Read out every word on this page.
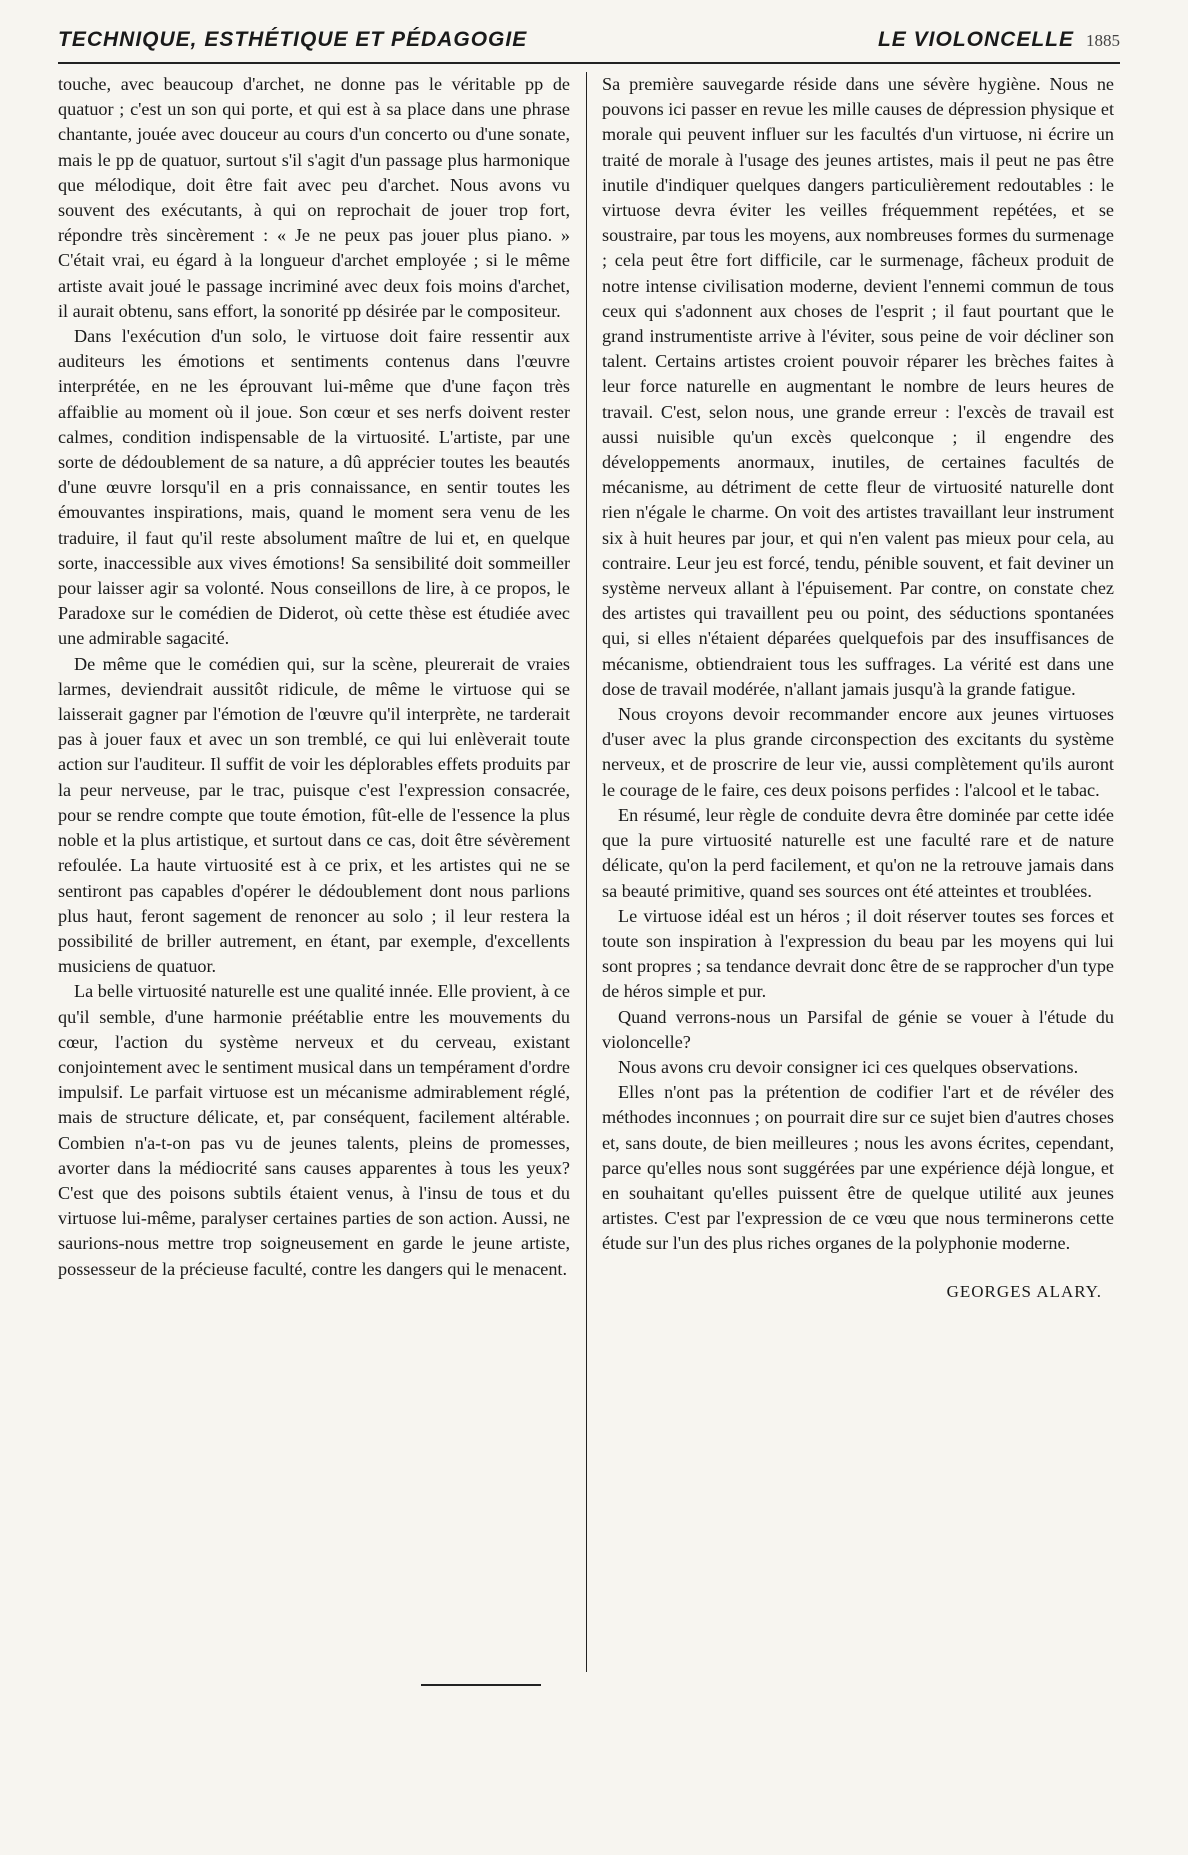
TECHNIQUE, ESTHÉTIQUE ET PÉDAGOGIE	LE VIOLONCELLE 1885

touche, avec beaucoup d'archet, ne donne pas le véritable pp de quatuor ; c'est un son qui porte, et qui est à sa place dans une phrase chantante, jouée avec douceur au cours d'un concerto ou d'une sonate, mais le pp de quatuor, surtout s'il s'agit d'un passage plus harmonique que mélodique, doit être fait avec peu d'archet. Nous avons vu souvent des exécutants, à qui on reprochait de jouer trop fort, répondre très sincèrement : « Je ne peux pas jouer plus piano. » C'était vrai, eu égard à la longueur d'archet employée ; si le même artiste avait joué le passage incriminé avec deux fois moins d'archet, il aurait obtenu, sans effort, la sonorité pp désirée par le compositeur.

Dans l'exécution d'un solo, le virtuose doit faire ressentir aux auditeurs les émotions et sentiments contenus dans l'œuvre interprétée, en ne les éprouvant lui-même que d'une façon très affaiblie au moment où il joue. Son cœur et ses nerfs doivent rester calmes, condition indispensable de la virtuosité. L'artiste, par une sorte de dédoublement de sa nature, a dû apprécier toutes les beautés d'une œuvre lorsqu'il en a pris connaissance, en sentir toutes les émouvantes inspirations, mais, quand le moment sera venu de les traduire, il faut qu'il reste absolument maître de lui et, en quelque sorte, inaccessible aux vives émotions! Sa sensibilité doit sommeiller pour laisser agir sa volonté. Nous conseillons de lire, à ce propos, le Paradoxe sur le comédien de Diderot, où cette thèse est étudiée avec une admirable sagacité.

De même que le comédien qui, sur la scène, pleurerait de vraies larmes, deviendrait aussitôt ridicule, de même le virtuose qui se laisserait gagner par l'émotion de l'œuvre qu'il interprète, ne tarderait pas à jouer faux et avec un son tremblé, ce qui lui enlèverait toute action sur l'auditeur. Il suffit de voir les déplorables effets produits par la peur nerveuse, par le trac, puisque c'est l'expression consacrée, pour se rendre compte que toute émotion, fût-elle de l'essence la plus noble et la plus artistique, et surtout dans ce cas, doit être sévèrement refoulée. La haute virtuosité est à ce prix, et les artistes qui ne se sentiront pas capables d'opérer le dédoublement dont nous parlions plus haut, feront sagement de renoncer au solo ; il leur restera la possibilité de briller autrement, en étant, par exemple, d'excellents musiciens de quatuor.

La belle virtuosité naturelle est une qualité innée. Elle provient, à ce qu'il semble, d'une harmonie préétablie entre les mouvements du cœur, l'action du système nerveux et du cerveau, existant conjointement avec le sentiment musical dans un tempérament d'ordre impulsif. Le parfait virtuose est un mécanisme admirablement réglé, mais de structure délicate, et, par conséquent, facilement altérable. Combien n'a-t-on pas vu de jeunes talents, pleins de promesses, avorter dans la médiocrité sans causes apparentes à tous les yeux? C'est que des poisons subtils étaient venus, à l'insu de tous et du virtuose lui-même, paralyser certaines parties de son action. Aussi, ne saurions-nous mettre trop soigneusement en garde le jeune artiste, possesseur de la précieuse faculté, contre les dangers qui le menacent.

Sa première sauvegarde réside dans une sévère hygiène. Nous ne pouvons ici passer en revue les mille causes de dépression physique et morale qui peuvent influer sur les facultés d'un virtuose, ni écrire un traité de morale à l'usage des jeunes artistes, mais il peut ne pas être inutile d'indiquer quelques dangers particulièrement redoutables : le virtuose devra éviter les veilles fréquemment repétées, et se soustraire, par tous les moyens, aux nombreuses formes du surmenage ; cela peut être fort difficile, car le surmenage, fâcheux produit de notre intense civilisation moderne, devient l'ennemi commun de tous ceux qui s'adonnent aux choses de l'esprit ; il faut pourtant que le grand instrumentiste arrive à l'éviter, sous peine de voir décliner son talent. Certains artistes croient pouvoir réparer les brèches faites à leur force naturelle en augmentant le nombre de leurs heures de travail. C'est, selon nous, une grande erreur : l'excès de travail est aussi nuisible qu'un excès quelconque ; il engendre des développements anormaux, inutiles, de certaines facultés de mécanisme, au détriment de cette fleur de virtuosité naturelle dont rien n'égale le charme. On voit des artistes travaillant leur instrument six à huit heures par jour, et qui n'en valent pas mieux pour cela, au contraire. Leur jeu est forcé, tendu, pénible souvent, et fait deviner un système nerveux allant à l'épuisement. Par contre, on constate chez des artistes qui travaillent peu ou point, des séductions spontanées qui, si elles n'étaient déparées quelquefois par des insuffisances de mécanisme, obtiendraient tous les suffrages. La vérité est dans une dose de travail modérée, n'allant jamais jusqu'à la grande fatigue.

Nous croyons devoir recommander encore aux jeunes virtuoses d'user avec la plus grande circonspection des excitants du système nerveux, et de proscrire de leur vie, aussi complètement qu'ils auront le courage de le faire, ces deux poisons perfides : l'alcool et le tabac.

En résumé, leur règle de conduite devra être dominée par cette idée que la pure virtuosité naturelle est une faculté rare et de nature délicate, qu'on la perd facilement, et qu'on ne la retrouve jamais dans sa beauté primitive, quand ses sources ont été atteintes et troublées.

Le virtuose idéal est un héros ; il doit réserver toutes ses forces et toute son inspiration à l'expression du beau par les moyens qui lui sont propres ; sa tendance devrait donc être de se rapprocher d'un type de héros simple et pur.

Quand verrons-nous un Parsifal de génie se vouer à l'étude du violoncelle?

Nous avons cru devoir consigner ici ces quelques observations.

Elles n'ont pas la prétention de codifier l'art et de révéler des méthodes inconnues ; on pourrait dire sur ce sujet bien d'autres choses et, sans doute, de bien meilleures ; nous les avons écrites, cependant, parce qu'elles nous sont suggérées par une expérience déjà longue, et en souhaitant qu'elles puissent être de quelque utilité aux jeunes artistes. C'est par l'expression de ce vœu que nous terminerons cette étude sur l'un des plus riches organes de la polyphonie moderne.

GEORGES ALARY.
